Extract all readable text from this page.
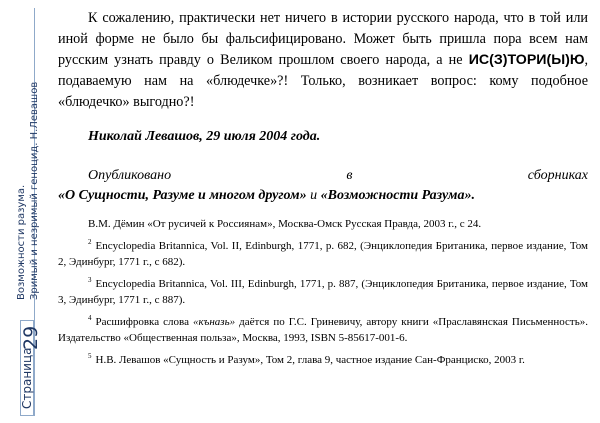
Возможности разума. Зримый и незримый геноцид. Н.Левашов
Страница
29

К сожалению, практически нет ничего в истории русского народа, что в той или иной форме не было бы фальсифицировано. Может быть пришла пора всем нам русским узнать правду о Великом прошлом своего народа, а не ИС(З)ТОРИ(Ы)Ю, подаваемую нам на «блюдечке»?! Только, возникает вопрос: кому подобное «блюдечко» выгодно?!

Николай Левашов, 29 июля 2004 года.

Опубликовано	в	сборниках
«О Сущности, Разуме и многом другом» и «Возможности Разума».

В.М. Дёмин «От русичей к Россиянам», Москва-Омск Русская Правда, 2003 г., с 24.

$^2$ Encyclopedia Britannica, Vol. II, Edinburgh, 1771, p. 682, (Энциклопедия Британика, первое издание, Том 2, Эдинбург, 1771 г., с 682).

$^3$ Encyclopedia Britannica, Vol. III, Edinburgh, 1771, p. 887, (Энциклопедия Британика, первое издание, Том 3, Эдинбург, 1771 г., с 887).

$^4$ Расшифровка слова «къназь» даётся по Г.С. Гриневичу, автору книги «Праславянская Письменность». Издательство «Общественная польза», Москва, 1993, ISBN 5-85617-001-6.

$^5$ Н.В. Левашов «Сущность и Разум», Том 2, глава 9, частное издание Сан-Франциско, 2003 г.
